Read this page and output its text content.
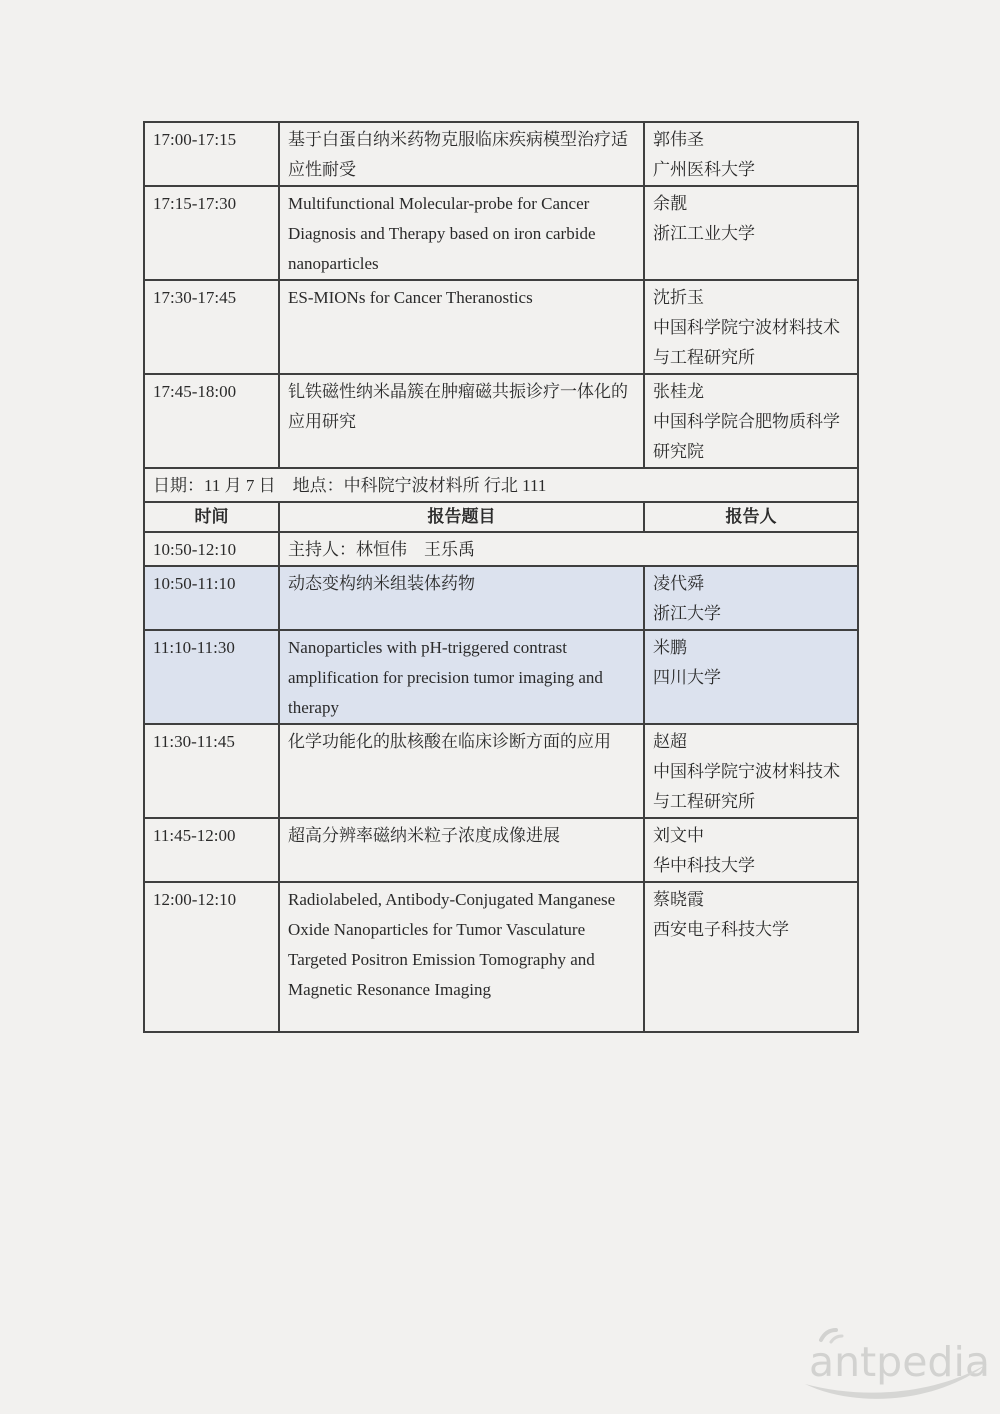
17:00-17:15	基于白蛋白纳米药物克服临床疾病模型治疗适应性耐受	郭伟圣
广州医科大学

17:15-17:30	Multifunctional Molecular-probe for Cancer Diagnosis and Therapy based on iron carbide nanoparticles	余靓
浙江工业大学

17:30-17:45	ES-MIONs for Cancer Theranostics	沈折玉
中国科学院宁波材料技术与工程研究所

17:45-18:00	钆铁磁性纳米晶簇在肿瘤磁共振诊疗一体化的应用研究	张桂龙
中国科学院合肥物质科学研究院

日期：11 月 7 日　地点：中科院宁波材料所 行北 111		
时间	报告题目	报告人
10:50-12:10	主持人：林恒伟　王乐禹	
10:50-11:10	动态变构纳米组装体药物	凌代舜
浙江大学

11:10-11:30	Nanoparticles with pH-triggered contrast amplification for precision tumor imaging and therapy	米鹏
四川大学

11:30-11:45	化学功能化的肽核酸在临床诊断方面的应用	赵超
中国科学院宁波材料技术与工程研究所

11:45-12:00	超高分辨率磁纳米粒子浓度成像进展	刘文中
华中科技大学

12:00-12:10	Radiolabeled, Antibody-Conjugated Manganese Oxide Nanoparticles for Tumor Vasculature Targeted Positron Emission Tomography and Magnetic Resonance Imaging	蔡晓霞
西安电子科技大学
antpedia
